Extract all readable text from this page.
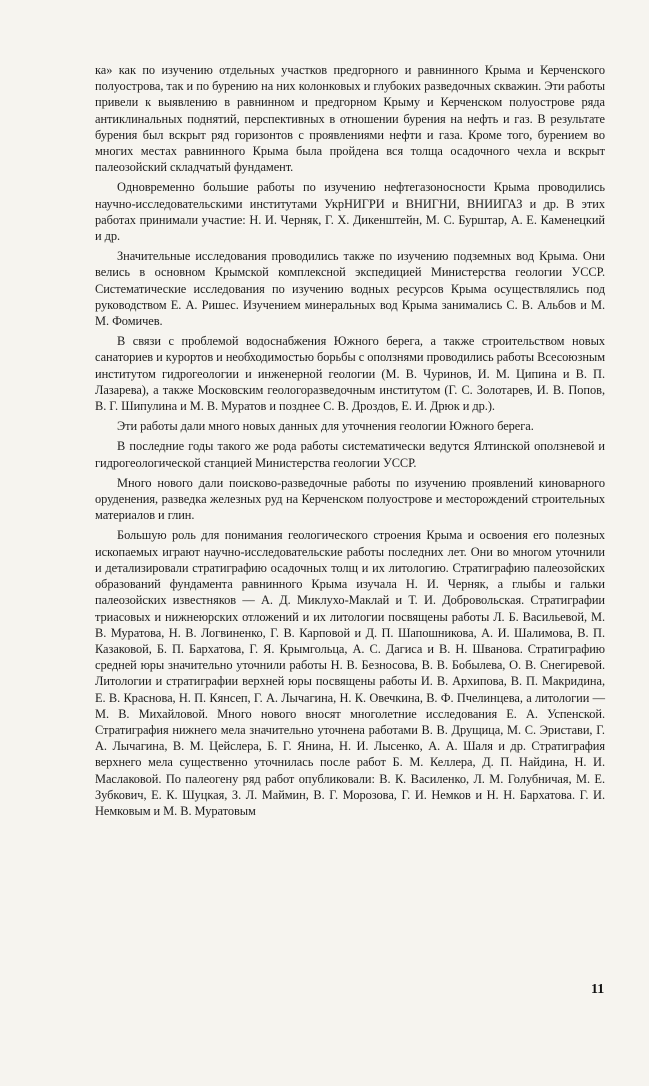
ка» как по изучению отдельных участков предгорного и равнинного Крыма и Керченского полуострова, так и по бурению на них колонковых и глубоких разведочных скважин. Эти работы привели к выявлению в равнинном и предгорном Крыму и Керченском полуострове ряда антиклинальных поднятий, перспективных в отношении бурения на нефть и газ. В результате бурения был вскрыт ряд горизонтов с проявлениями нефти и газа. Кроме того, бурением во многих местах равнинного Крыма была пройдена вся толща осадочного чехла и вскрыт палеозойский складчатый фундамент.

Одновременно большие работы по изучению нефтегазоносности Крыма проводились научно-исследовательскими институтами УкрНИГРИ и ВНИГНИ, ВНИИГАЗ и др. В этих работах принимали участие: Н. И. Черняк, Г. Х. Дикенштейн, М. С. Бурштар, А. Е. Каменецкий и др.

Значительные исследования проводились также по изучению подземных вод Крыма. Они велись в основном Крымской комплексной экспедицией Министерства геологии УССР. Систематические исследования по изучению водных ресурсов Крыма осуществлялись под руководством Е. А. Ришес. Изучением минеральных вод Крыма занимались С. В. Альбов и М. М. Фомичев.

В связи с проблемой водоснабжения Южного берега, а также строительством новых санаториев и курортов и необходимостью борьбы с оползнями проводились работы Всесоюзным институтом гидрогеологии и инженерной геологии (М. В. Чуринов, И. М. Ципина и В. П. Лазарева), а также Московским геологоразведочным институтом (Г. С. Золотарев, И. В. Попов, В. Г. Шипулина и М. В. Муратов и позднее С. В. Дроздов, Е. И. Дрюк и др.).

Эти работы дали много новых данных для уточнения геологии Южного берега.

В последние годы такого же рода работы систематически ведутся Ялтинской оползневой и гидрогеологической станцией Министерства геологии УССР.

Много нового дали поисково-разведочные работы по изучению проявлений киноварного оруденения, разведка железных руд на Керченском полуострове и месторождений строительных материалов и глин.

Большую роль для понимания геологического строения Крыма и освоения его полезных ископаемых играют научно-исследовательские работы последних лет. Они во многом уточнили и детализировали стратиграфию осадочных толщ и их литологию. Стратиграфию палеозойских образований фундамента равнинного Крыма изучала Н. И. Черняк, а глыбы и гальки палеозойских известняков — А. Д. Миклухо-Маклай и Т. И. Добровольская. Стратиграфии триасовых и нижнеюрских отложений и их литологии посвящены работы Л. Б. Васильевой, М. В. Муратова, Н. В. Логвиненко, Г. В. Карповой и Д. П. Шапошникова, А. И. Шалимова, В. П. Казаковой, Б. П. Бархатова, Г. Я. Крымгольца, А. С. Дагиса и В. Н. Шванова. Стратиграфию средней юры значительно уточнили работы Н. В. Безносова, В. В. Бобылева, О. В. Снегиревой. Литологии и стратиграфии верхней юры посвящены работы И. В. Архипова, В. П. Макридина, Е. В. Краснова, Н. П. Кянсеп, Г. А. Лычагина, Н. К. Овечкина, В. Ф. Пчелинцева, а литологии — М. В. Михайловой. Много нового вносят многолетние исследования Е. А. Успенской. Стратиграфия нижнего мела значительно уточнена работами В. В. Друщица, М. С. Эристави, Г. А. Лычагина, В. М. Цейслера, Б. Г. Янина, Н. И. Лысенко, А. А. Шаля и др. Стратиграфия верхнего мела существенно уточнилась после работ Б. М. Келлера, Д. П. Найдина, Н. И. Маслаковой. По палеогену ряд работ опубликовали: В. К. Василенко, Л. М. Голубничая, М. Е. Зубкович, Е. К. Шуцкая, З. Л. Маймин, В. Г. Морозова, Г. И. Немков и Н. Н. Бархатова. Г. И. Немковым и М. В. Муратовым

11
